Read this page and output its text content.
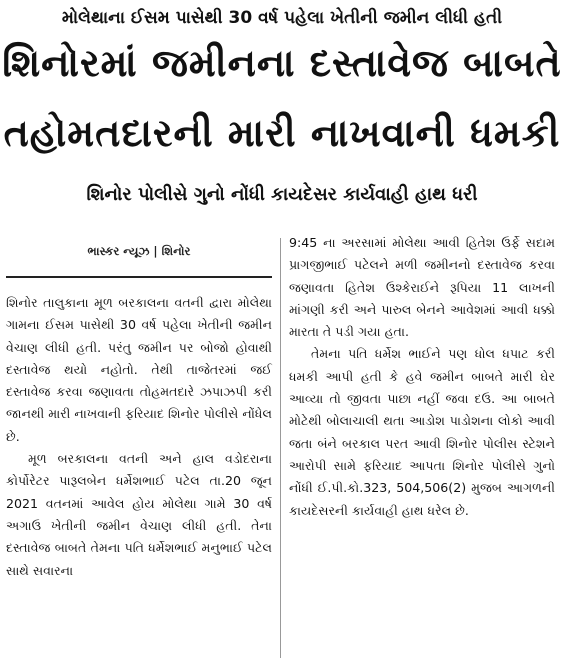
મોલેથાના ઈસમ પાસેથી 30 વર્ષ પહેલા ખેતીની જમીન લીધી હતી
શિનોરમાં જમીનના દસ્તાવેજ બાબતે
તહોમતદારની મારી નાખવાની ધમકી
શિનોર પોલીસે ગુનો નોંધી કાયદેસર કાર્યવાહી હાથ ધરી
ભાસ્કર ન્યૂઝ | શિનોર

શિનોર તાલુકાના મૂળ બરકાલના વતની દ્વારા મોલેથા ગામના ઈસમ પાસેથી 30 વર્ષ પહેલા ખેતીની જમીન વેચાણ લીધી હતી. પરંતુ જમીન પર બોજો હોવાથી દસ્તાવેજ થયો નહોતો. તેથી તાજેતરમાં જઈ દસ્તાવેજ કરવા જણાવતા તોહમતદારે ઝપાઝપી કરી જાનથી મારી નાખવાની ફરિયાદ શિનોર પોલીસે નોંધેલ છે.

મૂળ બરકાલના વતની અને હાલ વડોદરાના કોર્પોરેટર પારૂલબેન ધર્મેશભાઈ પટેલ તા.20 જૂન 2021 વતનમાં આવેલ હોય મોલેથા ગામે 30 વર્ષ અગાઉ ખેતીની જમીન વેચાણ લીધી હતી. તેના દસ્તાવેજ બાબતે તેમના પતિ ધર્મેશભાઈ મનુભાઈ પટેલ સાથે સવારના

9:45 ના અરસામાં મોલેથા આવી હિતેશ ઉર્ફે સદામ પ્રાગજીભાઈ પટેલને મળી જમીનનો દસ્તાવેજ કરવા જણાવતા હિતેશ ઉશ્કેરાઈને રૂપિયા 11 લાખની માંગણી કરી અને પારુલ બેનને આવેશમાં આવી ધક્કો મારતા તે પડી ગયા હતા.

તેમના પતિ ધર્મેશ ભાઈને પણ ધોલ ધપાટ કરી ધમકી આપી હતી કે હવે જમીન બાબતે મારી ઘેર આવ્યા તો જીવતા પાછા નહીં જવા દઉ. આ બાબતે મોટેથી બોલાચાલી થતા આડોશ પાડોશના લોકો આવી જતા બંને બરકાલ પરત આવી શિનોર પોલીસ સ્ટેશને આરોપી સામે ફરિયાદ આપતા શિનોર પોલીસે ગુનો નોંધી ઈ.પી.કો.323, 504,506(2) મુજબ આગળની કાયદેસરની કાર્યવાહી હાથ ધરેલ છે.
